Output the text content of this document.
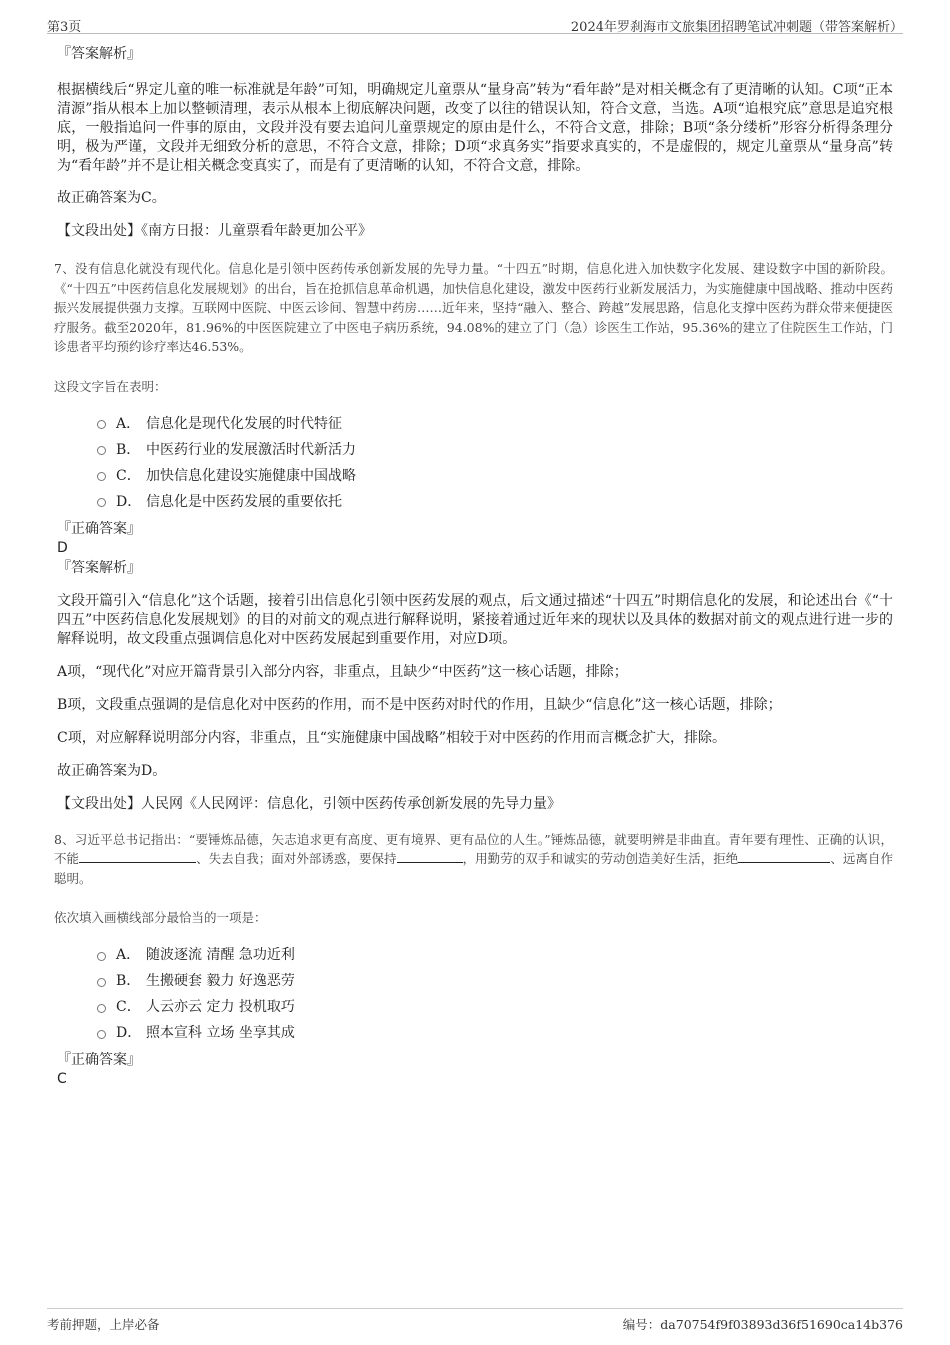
第3页	2024年罗刹海市文旅集团招聘笔试冲刺题（带答案解析）
『答案解析』
根据横线后“界定儿童的唯一标准就是年龄”可知，明确规定儿童票从“量身高”转为“看年龄”是对相关概念有了更清晰的认知。C项“正本清源”指从根本上加以整顿清理，表示从根本上彻底解决问题，改变了以往的错误认知，符合文意，当选。A项“追根究底”意思是追究根底，一般指追问一件事的原由，文段并没有要去追问儿童票规定的原由是什么，不符合文意，排除；B项“条分缕析”形容分析得条理分明，极为严谨，文段并无细致分析的意思，不符合文意，排除；D项“求真务实”指要求真实的，不是虚假的，规定儿童票从“量身高”转为“看年龄”并不是让相关概念变真实了，而是有了更清晰的认知，不符合文意，排除。
故正确答案为C。
【文段出处】《南方日报：儿童票看年龄更加公平》
7、没有信息化就没有现代化。信息化是引领中医药传承创新发展的先导力量。“十四五”时期，信息化进入加快数字化发展、建设数字中国的新阶段。《“十四五”中医药信息化发展规划》的出台，旨在抢抓信息革命机遇，加快信息化建设，激发中医药行业新发展活力，为实施健康中国战略、推动中医药振兴发展提供强力支撑。互联网中医院、中医云诊间、智慧中药房……近年来，坚持“融入、整合、跨越”发展思路，信息化支撑中医药为群众带来便捷医疗服务。截至2020年，81.96%的中医医院建立了中医电子病历系统，94.08%的建立了门（急）诊医生工作站，95.36%的建立了住院医生工作站，门诊患者平均预约诊疗率达46.53%。
这段文字旨在表明：
A． 信息化是现代化发展的时代特征
B． 中医药行业的发展激活时代新活力
C． 加快信息化建设实施健康中国战略
D． 信息化是中医药发展的重要依托
『正确答案』
D
『答案解析』
文段开篇引入“信息化”这个话题，接着引出信息化引领中医药发展的观点，后文通过描述“十四五”时期信息化的发展，和论述出台《“十四五”中医药信息化发展规划》的目的对前文的观点进行解释说明，紧接着通过近年来的现状以及具体的数据对前文的观点进行进一步的解释说明，故文段重点强调信息化对中医药发展起到重要作用，对应D项。
A项，“现代化”对应开篇背景引入部分内容，非重点，且缺少“中医药”这一核心话题，排除；
B项，文段重点强调的是信息化对中医药的作用，而不是中医药对时代的作用，且缺少“信息化”这一核心话题，排除；
C项，对应解释说明部分内容，非重点，且“实施健康中国战略”相较于对中医药的作用而言概念扩大，排除。
故正确答案为D。
【文段出处】人民网《人民网评：信息化，引领中医药传承创新发展的先导力量》
8、习近平总书记指出：“要锤炼品德，矢志追求更有高度、更有境界、更有品位的人生。”锤炼品德，就要明辨是非曲直。青年要有理性、正确的认识，不能	、失去自我；面对外部诱惑，要保持	，用勤劳的双手和诚实的劳动创造美好生活，拒绝	、远离自作聪明。
依次填入画横线部分最恰当的一项是：
A． 随波逐流 清醒 急功近利
B． 生搬硬套 毅力 好逸恶劳
C． 人云亦云 定力 投机取巧
D． 照本宣科 立场 坐享其成
『正确答案』
C
考前押题，上岸必备	编号：da70754f9f03893d36f51690ca14b376
